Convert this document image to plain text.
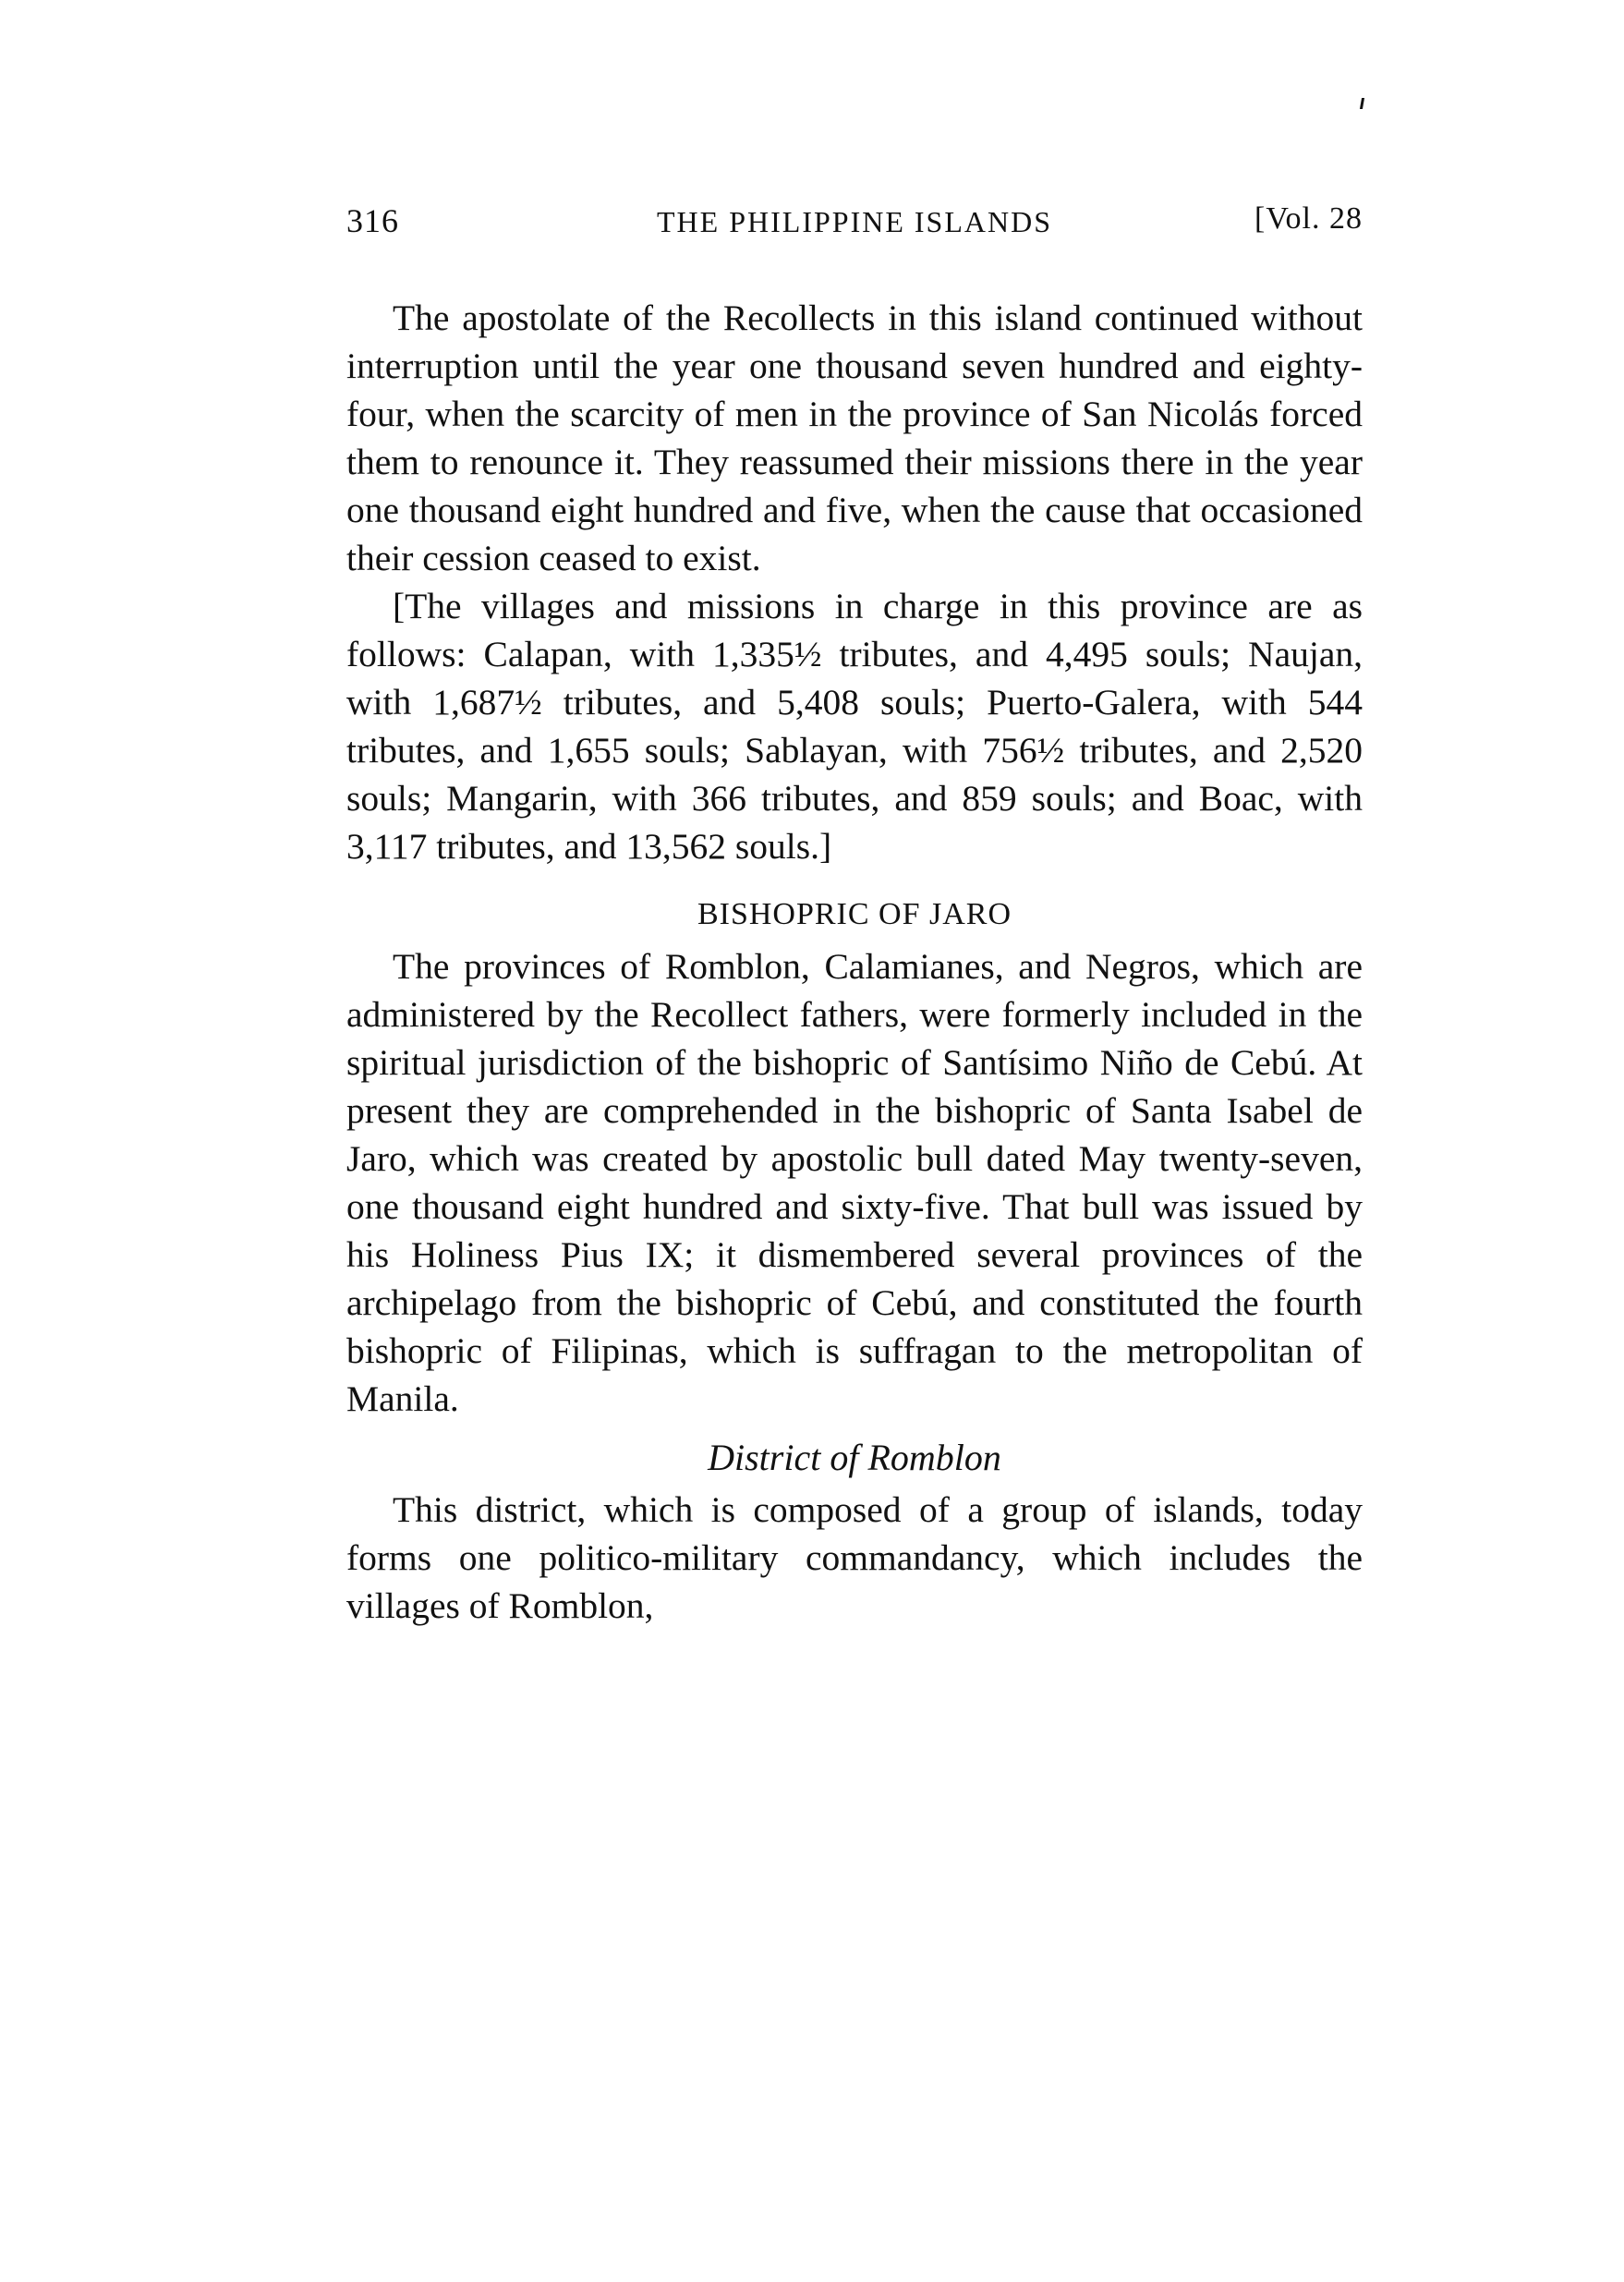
316	THE PHILIPPINE ISLANDS	[Vol. 28

The apostolate of the Recollects in this island continued without interruption until the year one thousand seven hundred and eighty-four, when the scarcity of men in the province of San Nicolás forced them to renounce it. They reassumed their missions there in the year one thousand eight hundred and five, when the cause that occasioned their cession ceased to exist.

[The villages and missions in charge in this province are as follows: Calapan, with 1,335½ tributes, and 4,495 souls; Naujan, with 1,687½ tributes, and 5,408 souls; Puerto-Galera, with 544 tributes, and 1,655 souls; Sablayan, with 756½ tributes, and 2,520 souls; Mangarin, with 366 tributes, and 859 souls; and Boac, with 3,117 tributes, and 13,562 souls.]

BISHOPRIC OF JARO

The provinces of Romblon, Calamianes, and Negros, which are administered by the Recollect fathers, were formerly included in the spiritual jurisdiction of the bishopric of Santísimo Niño de Cebú. At present they are comprehended in the bishopric of Santa Isabel de Jaro, which was created by apostolic bull dated May twenty-seven, one thousand eight hundred and sixty-five. That bull was issued by his Holiness Pius IX; it dismembered several provinces of the archipelago from the bishopric of Cebú, and constituted the fourth bishopric of Filipinas, which is suffragan to the metropolitan of Manila.

District of Romblon

This district, which is composed of a group of islands, today forms one politico-military commandancy, which includes the villages of Romblon,
